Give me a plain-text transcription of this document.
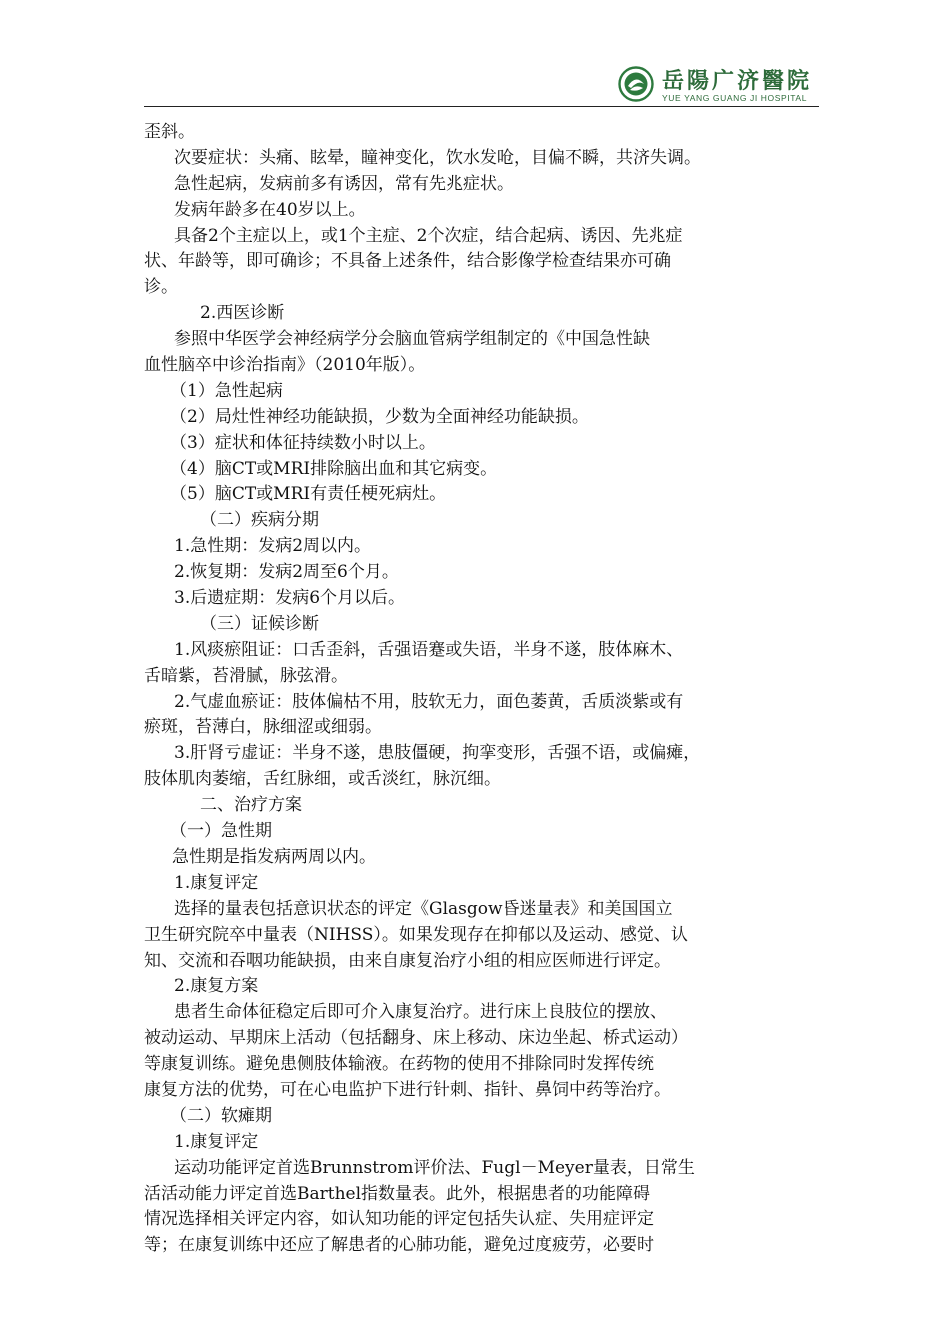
岳陽广济醫院
YUE YANG GUANG JI HOSPITAL
歪斜。
次要症状：头痛、眩晕，瞳神变化，饮水发呛，目偏不瞬，共济失调。
急性起病，发病前多有诱因，常有先兆症状。
发病年龄多在40岁以上。
具备2个主症以上，或1个主症、2个次症，结合起病、诱因、先兆症
状、年龄等，即可确诊；不具备上述条件，结合影像学检查结果亦可确
诊。
2.西医诊断
参照中华医学会神经病学分会脑血管病学组制定的《中国急性缺
血性脑卒中诊治指南》（2010年版）。
（1）急性起病
（2）局灶性神经功能缺损，少数为全面神经功能缺损。
（3）症状和体征持续数小时以上。
（4）脑CT或MRI排除脑出血和其它病变。
（5）脑CT或MRI有责任梗死病灶。
（二）疾病分期
1.急性期：发病2周以内。
2.恢复期：发病2周至6个月。
3.后遗症期：发病6个月以后。
（三）证候诊断
1.风痰瘀阻证：口舌歪斜，舌强语蹇或失语，半身不遂，肢体麻木、
舌暗紫，苔滑腻，脉弦滑。
2.气虚血瘀证：肢体偏枯不用，肢软无力，面色萎黄，舌质淡紫或有
瘀斑，苔薄白，脉细涩或细弱。
3.肝肾亏虚证：半身不遂，患肢僵硬，拘挛变形，舌强不语，或偏瘫，
肢体肌肉萎缩，舌红脉细，或舌淡红，脉沉细。
二、治疗方案
（一）急性期
急性期是指发病两周以内。
1.康复评定
选择的量表包括意识状态的评定《Glasgow昏迷量表》和美国国立
卫生研究院卒中量表（NIHSS）。如果发现存在抑郁以及运动、感觉、认
知、交流和吞咽功能缺损，由来自康复治疗小组的相应医师进行评定。
2.康复方案
患者生命体征稳定后即可介入康复治疗。进行床上良肢位的摆放、
被动运动、早期床上活动（包括翻身、床上移动、床边坐起、桥式运动）
等康复训练。避免患侧肢体输液。在药物的使用不排除同时发挥传统
康复方法的优势，可在心电监护下进行针刺、指针、鼻饲中药等治疗。
（二）软瘫期
1.康复评定
运动功能评定首选Brunnstrom评价法、Fugl－Meyer量表，日常生
活活动能力评定首选Barthel指数量表。此外，根据患者的功能障碍
情况选择相关评定内容，如认知功能的评定包括失认症、失用症评定
等；在康复训练中还应了解患者的心肺功能，避免过度疲劳，必要时
